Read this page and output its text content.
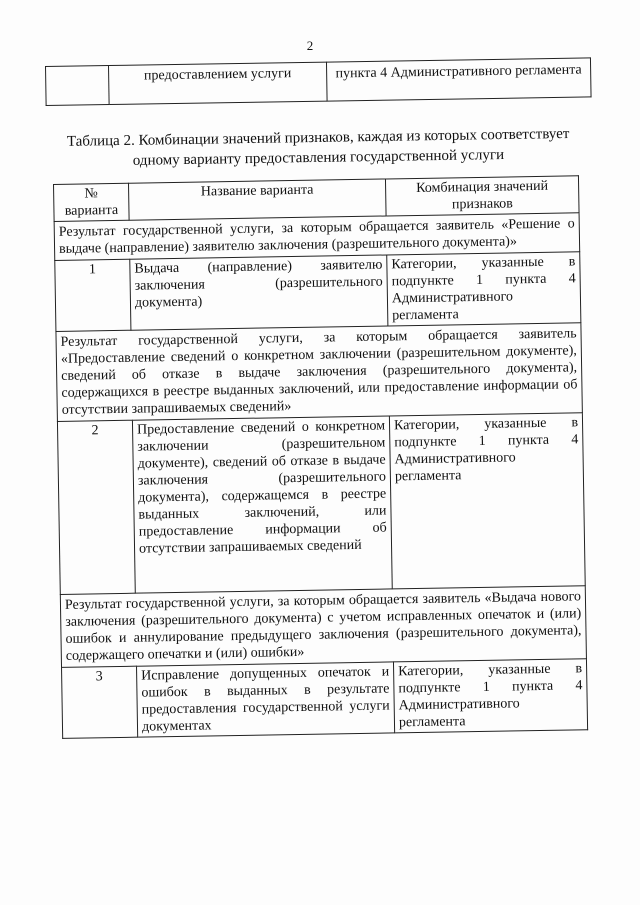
2

	предоставлением услуги	пункта 4 Административного регламента
Таблица 2. Комбинации значений признаков, каждая из которых соответствует одному варианту предоставления государственной услуги
№ варианта	Название варианта	Комбинация значений признаков
Результат государственной услуги, за которым обращается заявитель «Решение о выдаче (направление) заявителю заключения (разрешительного документа)»		
1	Выдача (направление) заявителю заключения (разрешительного документа)	Категории, указанные в подпункте 1 пункта 4 Административного регламента
Результат государственной услуги, за которым обращается заявитель «Предоставление сведений о конкретном заключении (разрешительном документе), сведений об отказе в выдаче заключения (разрешительного документа), содержащихся в реестре выданных заключений, или предоставление информации об отсутствии запрашиваемых сведений»		
2	Предоставление сведений о конкретном заключении (разрешительном документе), сведений об отказе в выдаче заключения (разрешительного документа), содержащемся в реестре выданных заключений, или предоставление информации об отсутствии запрашиваемых сведений	Категории, указанные в подпункте 1 пункта 4 Административного регламента
Результат государственной услуги, за которым обращается заявитель «Выдача нового заключения (разрешительного документа) с учетом исправленных опечаток и (или) ошибок и аннулирование предыдущего заключения (разрешительного документа), содержащего опечатки и (или) ошибки»		
3	Исправление допущенных опечаток и ошибок в выданных в результате предоставления государственной услуги документах	Категории, указанные в подпункте 1 пункта 4 Административного регламента
